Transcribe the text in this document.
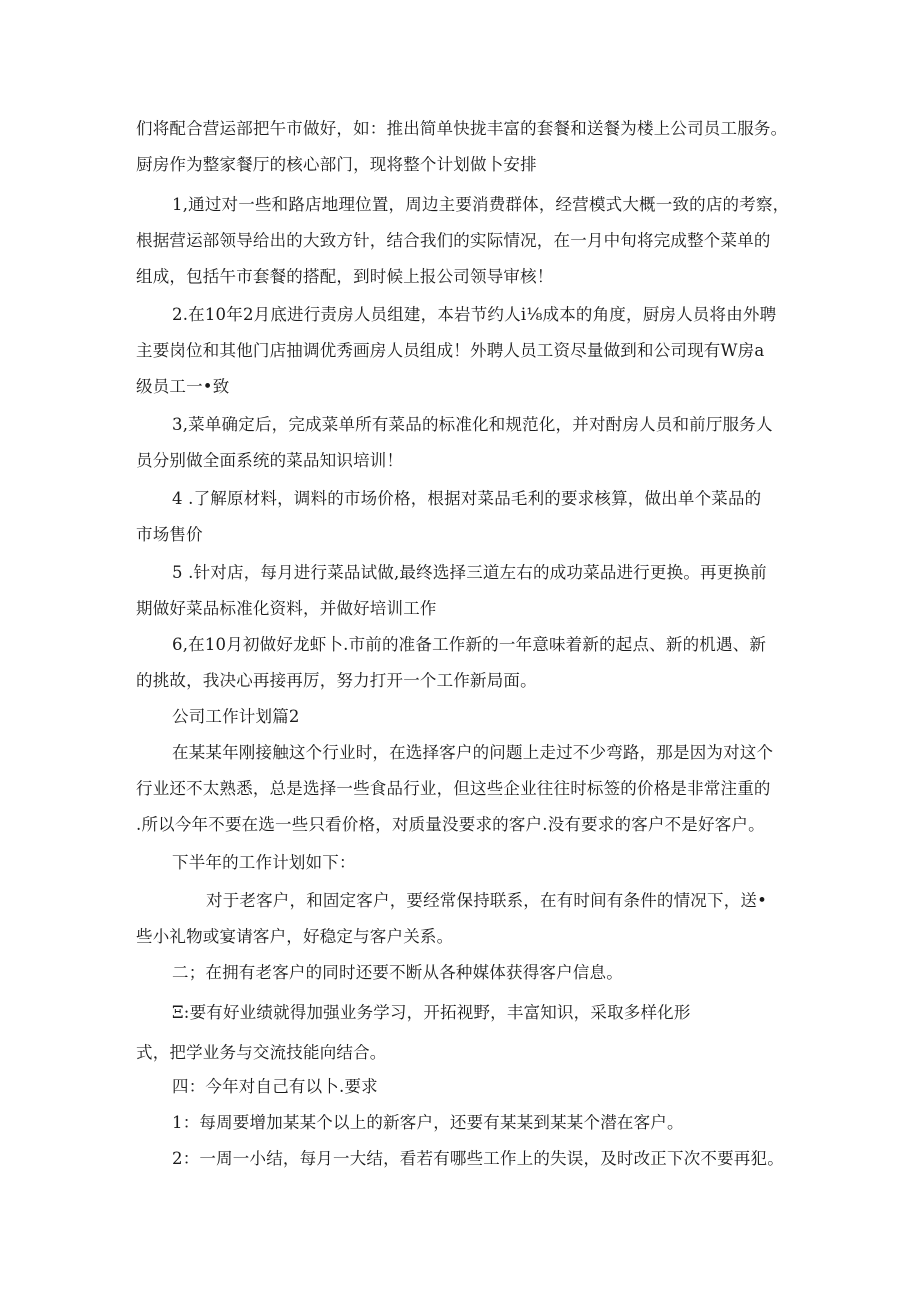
们将配合营运部把午市做好，如：推出简单快拢丰富的套餐和送餐为楼上公司员工服务。
厨房作为整家餐厅的核心部门，现将整个计划做卜安排
1,通过对一些和路店地理位置，周边主要消费群体，经营模式大概一致的店的考察，
根据营运部领导给出的大致方针，结合我们的实际情况，在一月中旬将完成整个菜单的
组成，包括午市套餐的搭配，到时候上报公司领导审核！
2.在10年2月底进行责房人员组建，本岩节约人i⅛成本的角度，厨房人员将由外聘
主要岗位和其他门店抽调优秀画房人员组成！外聘人员工资尽量做到和公司现有W房a
级员工一•致
3,菜单确定后，完成菜单所有菜品的标准化和规范化，并对酎房人员和前厅服务人
员分别做全面系统的菜品知识培训！
4 .了解原材料，调料的市场价格，根据对菜品毛利的要求核算，做出单个菜品的
市场售价
5 .针对店，每月进行菜品试做,最终选择三道左右的成功菜品进行更换。再更换前
期做好菜品标准化资料，并做好培训工作
6,在10月初做好龙虾卜.市前的准备工作新的一年意味着新的起点、新的机遇、新
的挑故，我决心再接再厉，努力打开一个工作新局面。
公司工作计划篇2
在某某年刚接触这个行业时，在选择客户的问题上走过不少弯路，那是因为对这个
行业还不太熟悉，总是选择一些食品行业，但这些企业往往时标签的价格是非常注重的
.所以今年不要在选一些只看价格，对质量没要求的客户.没有要求的客户不是好客户。
下半年的工作计划如下：
对于老客户，和固定客户，要经常保持联系，在有时间有条件的情况下，送•
些小礼物或宴请客户，好稳定与客户关系。
二；在拥有老客户的同时还要不断从各种媒体获得客户信息。
Ξ:要有好业绩就得加强业务学习，开拓视野，丰富知识，采取多样化形
式，把学业务与交流技能向结合。
四：今年对自己有以卜.要求
1：每周要增加某某个以上的新客户，还要有某某到某某个潜在客户。
2：一周一小结，每月一大结，看若有哪些工作上的失误，及时改正下次不要再犯。
